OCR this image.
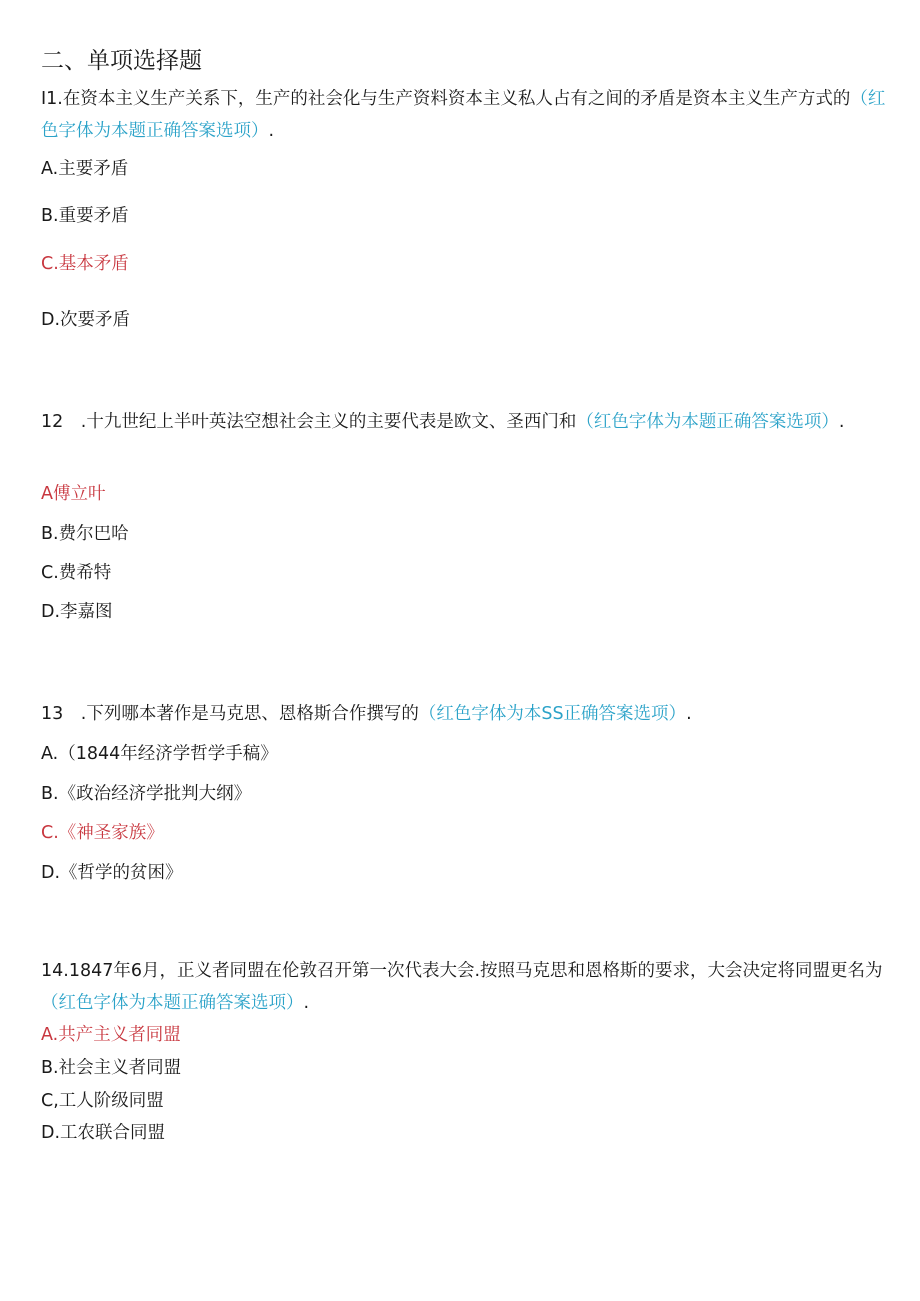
二、单项选择题
I1.在资本主义生产关系下，生产的社会化与生产资料资本主义私人占有之间的矛盾是资本主义生产方式的（红色字体为本题正确答案选项）.
A.主要矛盾
B.重要矛盾
C.基本矛盾
D.次要矛盾
12　.十九世纪上半叶英法空想社会主义的主要代表是欧文、圣西门和（红色字体为本题正确答案选项）.
A傅立叶
B.费尔巴哈
C.费希特
D.李嘉图
13　.下列哪本著作是马克思、恩格斯合作撰写的（红色字体为本SS正确答案选项）.
A.（1844年经济学哲学手稿》
B.《政治经济学批判大纲》
C.《神圣家族》
D.《哲学的贫困》
14.1847年6月，正义者同盟在伦敦召开第一次代表大会.按照马克思和恩格斯的要求，大会决定将同盟更名为（红色字体为本题正确答案选项）.
A.共产主义者同盟
B.社会主义者同盟
C,工人阶级同盟
D.工农联合同盟
